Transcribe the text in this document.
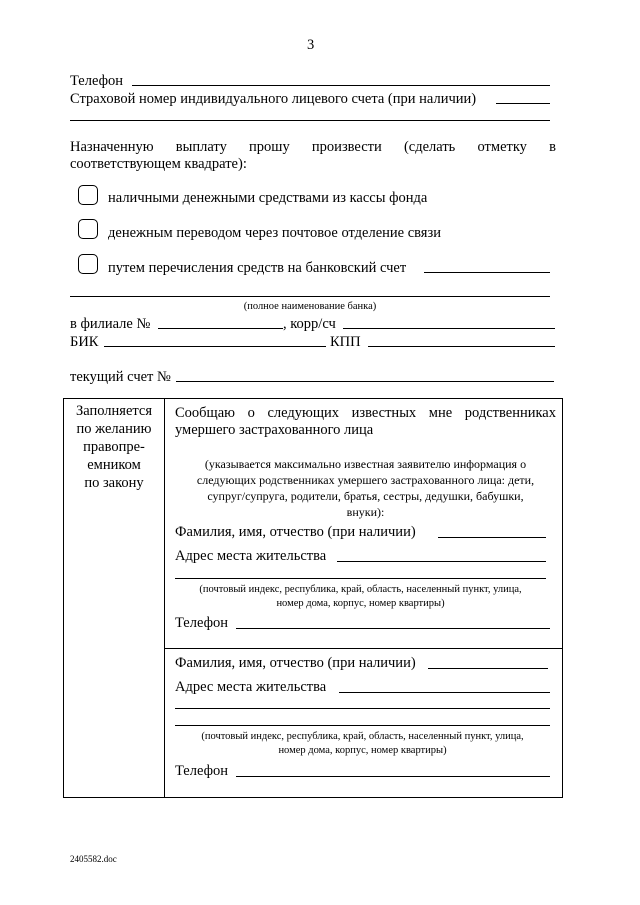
3
Телефон
Страховой номер индивидуального лицевого счета (при наличии)
Назначенную выплату прошу произвести (сделать отметку в
соответствующем квадрате):
наличными денежными средствами из кассы фонда
денежным переводом через почтовое отделение связи
путем перечисления средств на банковский счет
(полное наименование банка)
в филиале №	, корр/сч
БИК	КПП
текущий счет №
Заполняется
по желанию
правопре-
емником
по закону
Сообщаю о следующих известных мне родственниках
умершего застрахованного лица
(указывается максимально известная заявителю информация о
следующих родственниках умершего застрахованного лица: дети,
супруг/супруга, родители, братья, сестры, дедушки, бабушки,
внуки):
Фамилия, имя, отчество (при наличии)
Адрес места жительства
(почтовый индекс, республика, край, область, населенный пункт, улица,
номер дома, корпус, номер квартиры)
Телефон
Фамилия, имя, отчество (при наличии)
Адрес места жительства
(почтовый индекс, республика, край, область, населенный пункт, улица,
номер дома, корпус, номер квартиры)
Телефон
2405582.doc
